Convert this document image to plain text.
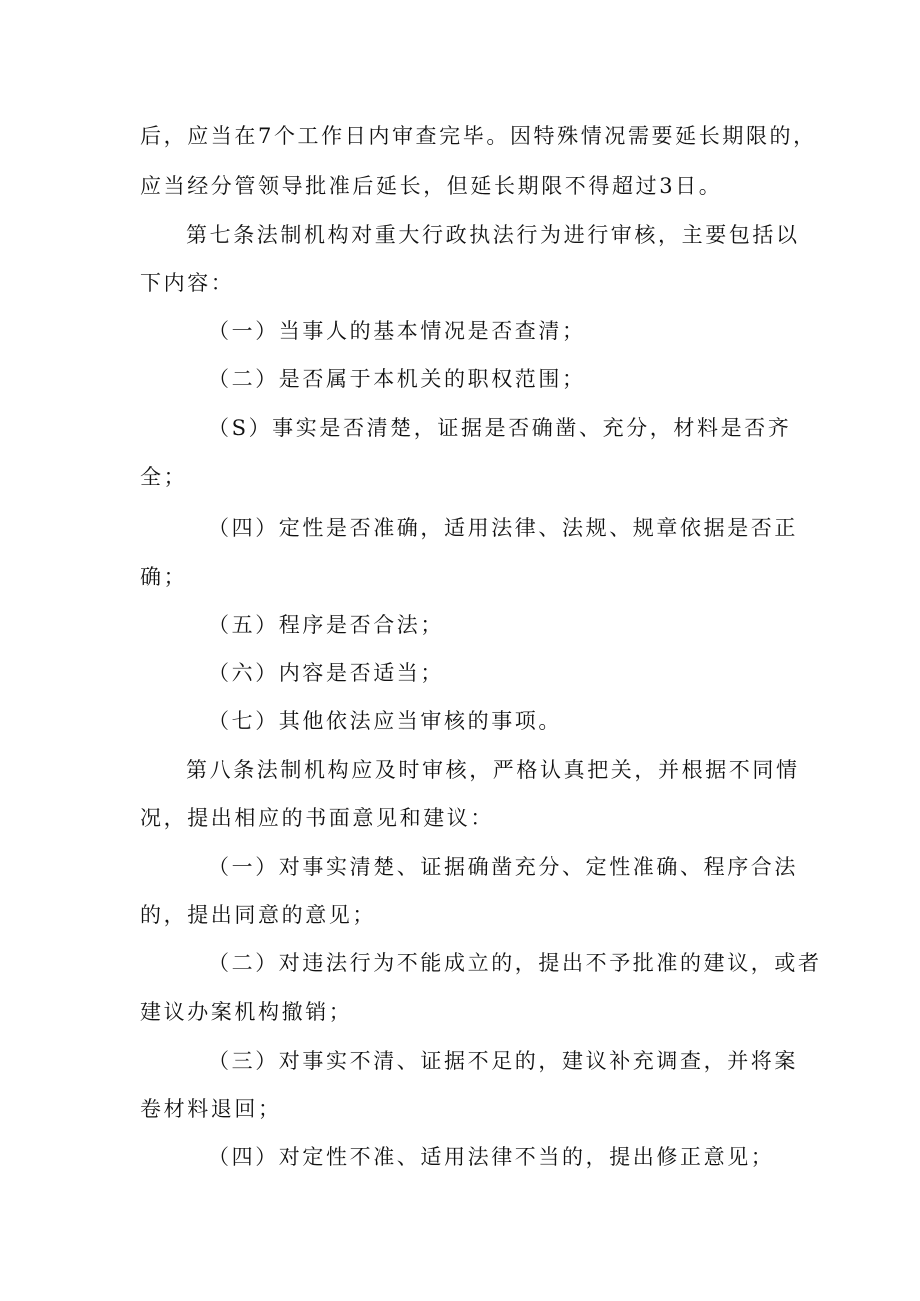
后，应当在7个工作日内审查完毕。因特殊情况需要延长期限的，
应当经分管领导批准后延长，但延长期限不得超过3日。
第七条法制机构对重大行政执法行为进行审核，主要包括以
下内容：
（一）当事人的基本情况是否查清；
（二）是否属于本机关的职权范围；
（S）事实是否清楚，证据是否确凿、充分，材料是否齐
全；
（四）定性是否准确，适用法律、法规、规章依据是否正
确；
（五）程序是否合法；
（六）内容是否适当；
（七）其他依法应当审核的事项。
第八条法制机构应及时审核，严格认真把关，并根据不同情
况，提出相应的书面意见和建议：
（一）对事实清楚、证据确凿充分、定性准确、程序合法
的，提出同意的意见；
（二）对违法行为不能成立的，提出不予批准的建议，或者
建议办案机构撤销；
（三）对事实不清、证据不足的，建议补充调查，并将案
卷材料退回；
（四）对定性不准、适用法律不当的，提出修正意见；
